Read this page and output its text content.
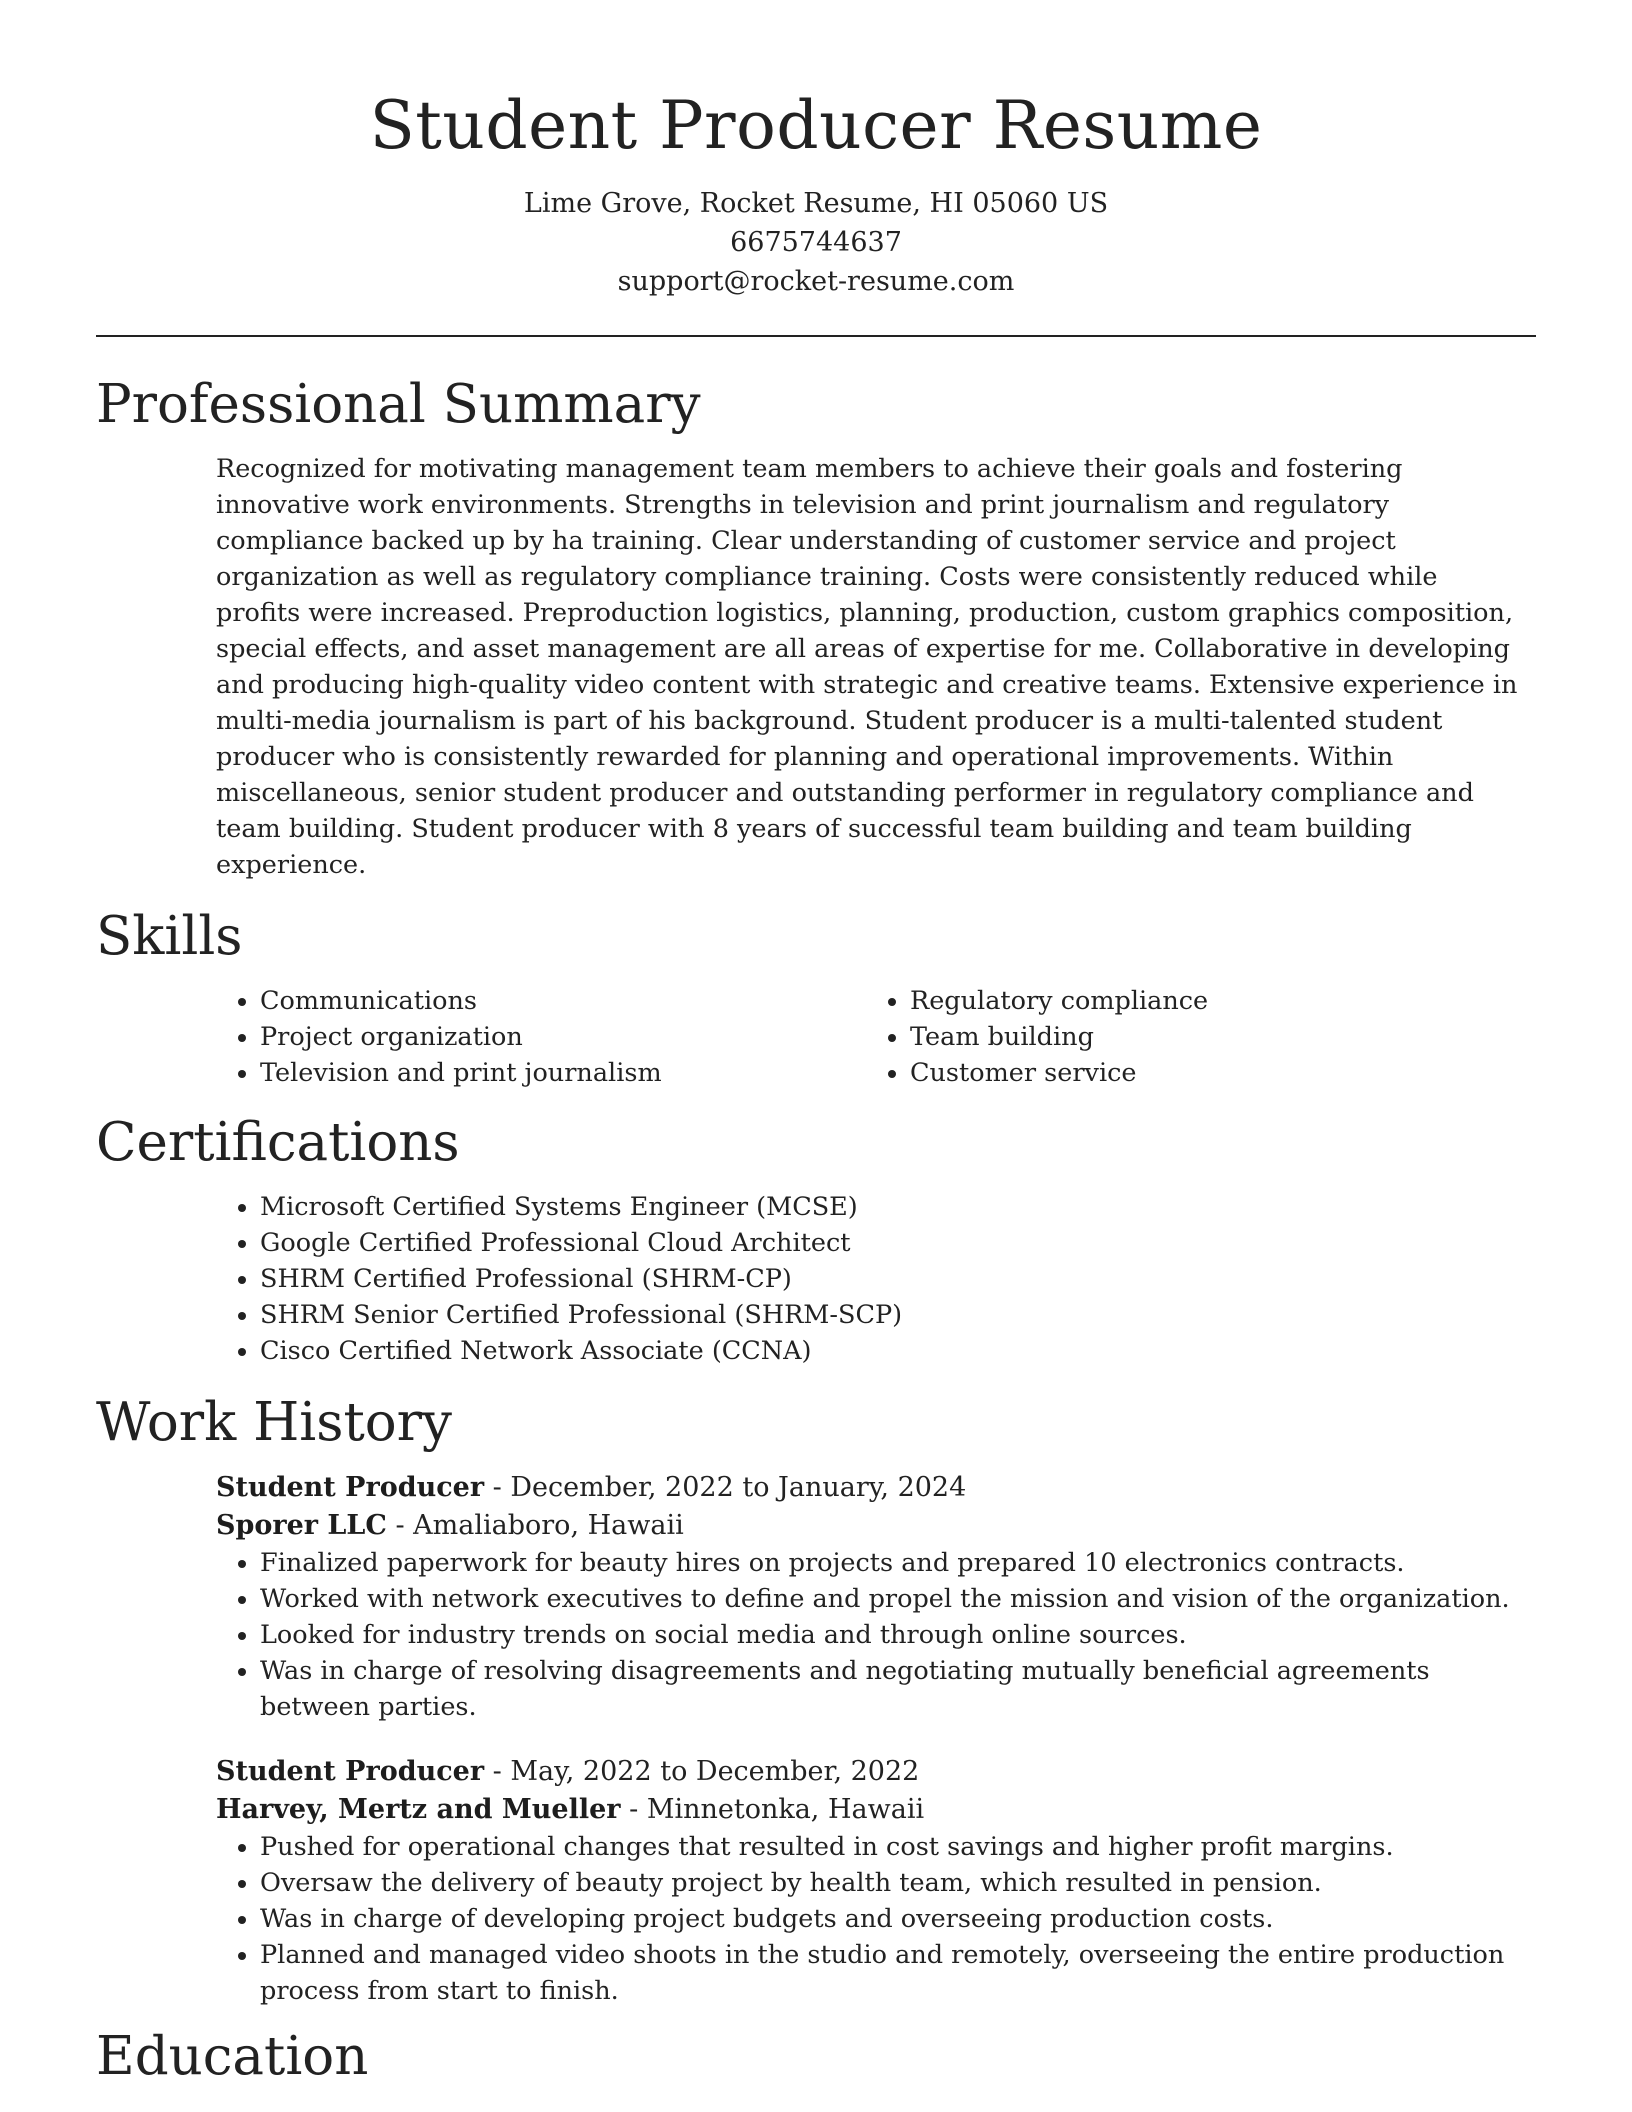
Student Producer Resume
Lime Grove, Rocket Resume, HI 05060 US
6675744637
support@rocket-resume.com
Professional Summary
Recognized for motivating management team members to achieve their goals and fostering innovative work environments. Strengths in television and print journalism and regulatory compliance backed up by ha training. Clear understanding of customer service and project organization as well as regulatory compliance training. Costs were consistently reduced while profits were increased. Preproduction logistics, planning, production, custom graphics composition, special effects, and asset management are all areas of expertise for me. Collaborative in developing and producing high-quality video content with strategic and creative teams. Extensive experience in multi-media journalism is part of his background. Student producer is a multi-talented student producer who is consistently rewarded for planning and operational improvements. Within miscellaneous, senior student producer and outstanding performer in regulatory compliance and team building. Student producer with 8 years of successful team building and team building experience.
Skills
• Communications
• Project organization
• Television and print journalism
• Regulatory compliance
• Team building
• Customer service
Certifications
• Microsoft Certified Systems Engineer (MCSE)
• Google Certified Professional Cloud Architect
• SHRM Certified Professional (SHRM-CP)
• SHRM Senior Certified Professional (SHRM-SCP)
• Cisco Certified Network Associate (CCNA)
Work History
Student Producer - December, 2022 to January, 2024
Sporer LLC - Amaliaboro, Hawaii
• Finalized paperwork for beauty hires on projects and prepared 10 electronics contracts.
• Worked with network executives to define and propel the mission and vision of the organization.
• Looked for industry trends on social media and through online sources.
• Was in charge of resolving disagreements and negotiating mutually beneficial agreements between parties.
Student Producer - May, 2022 to December, 2022
Harvey, Mertz and Mueller - Minnetonka, Hawaii
• Pushed for operational changes that resulted in cost savings and higher profit margins.
• Oversaw the delivery of beauty project by health team, which resulted in pension.
• Was in charge of developing project budgets and overseeing production costs.
• Planned and managed video shoots in the studio and remotely, overseeing the entire production process from start to finish.
Education
